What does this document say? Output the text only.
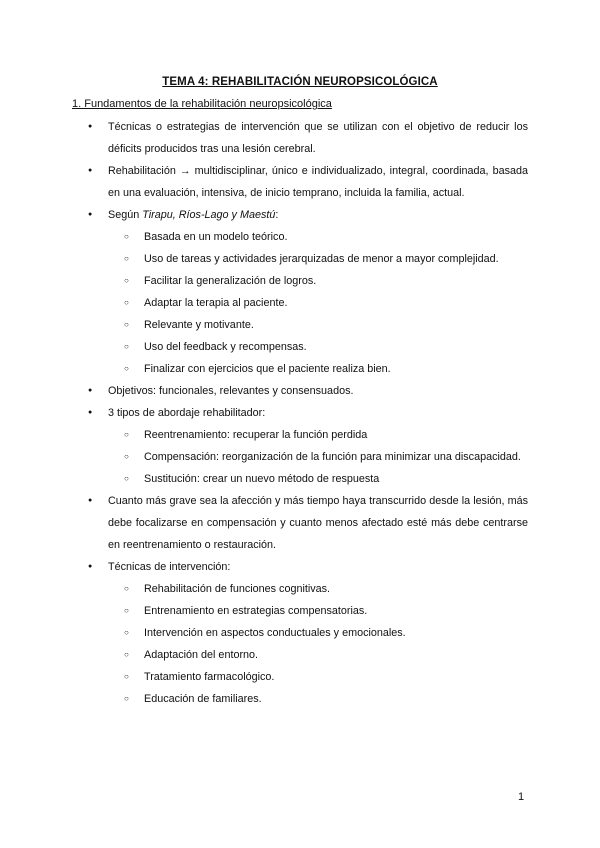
TEMA 4: REHABILITACIÓN NEUROPSICOLÓGICA
1. Fundamentos de la rehabilitación neuropsicológica
● Técnicas o estrategias de intervención que se utilizan con el objetivo de reducir los déficits producidos tras una lesión cerebral.
● Rehabilitación → multidisciplinar, único e individualizado, integral, coordinada, basada en una evaluación, intensiva, de inicio temprano, incluida la familia, actual.
● Según Tirapu, Ríos-Lago y Maestú:
○ Basada en un modelo teórico.
○ Uso de tareas y actividades jerarquizadas de menor a mayor complejidad.
○ Facilitar la generalización de logros.
○ Adaptar la terapia al paciente.
○ Relevante y motivante.
○ Uso del feedback y recompensas.
○ Finalizar con ejercicios que el paciente realiza bien.
● Objetivos: funcionales, relevantes y consensuados.
● 3 tipos de abordaje rehabilitador:
○ Reentrenamiento: recuperar la función perdida
○ Compensación: reorganización de la función para minimizar una discapacidad.
○ Sustitución: crear un nuevo método de respuesta
● Cuanto más grave sea la afección y más tiempo haya transcurrido desde la lesión, más debe focalizarse en compensación y cuanto menos afectado esté más debe centrarse en reentrenamiento o restauración.
● Técnicas de intervención:
○ Rehabilitación de funciones cognitivas.
○ Entrenamiento en estrategias compensatorias.
○ Intervención en aspectos conductuales y emocionales.
○ Adaptación del entorno.
○ Tratamiento farmacológico.
○ Educación de familiares.
1
